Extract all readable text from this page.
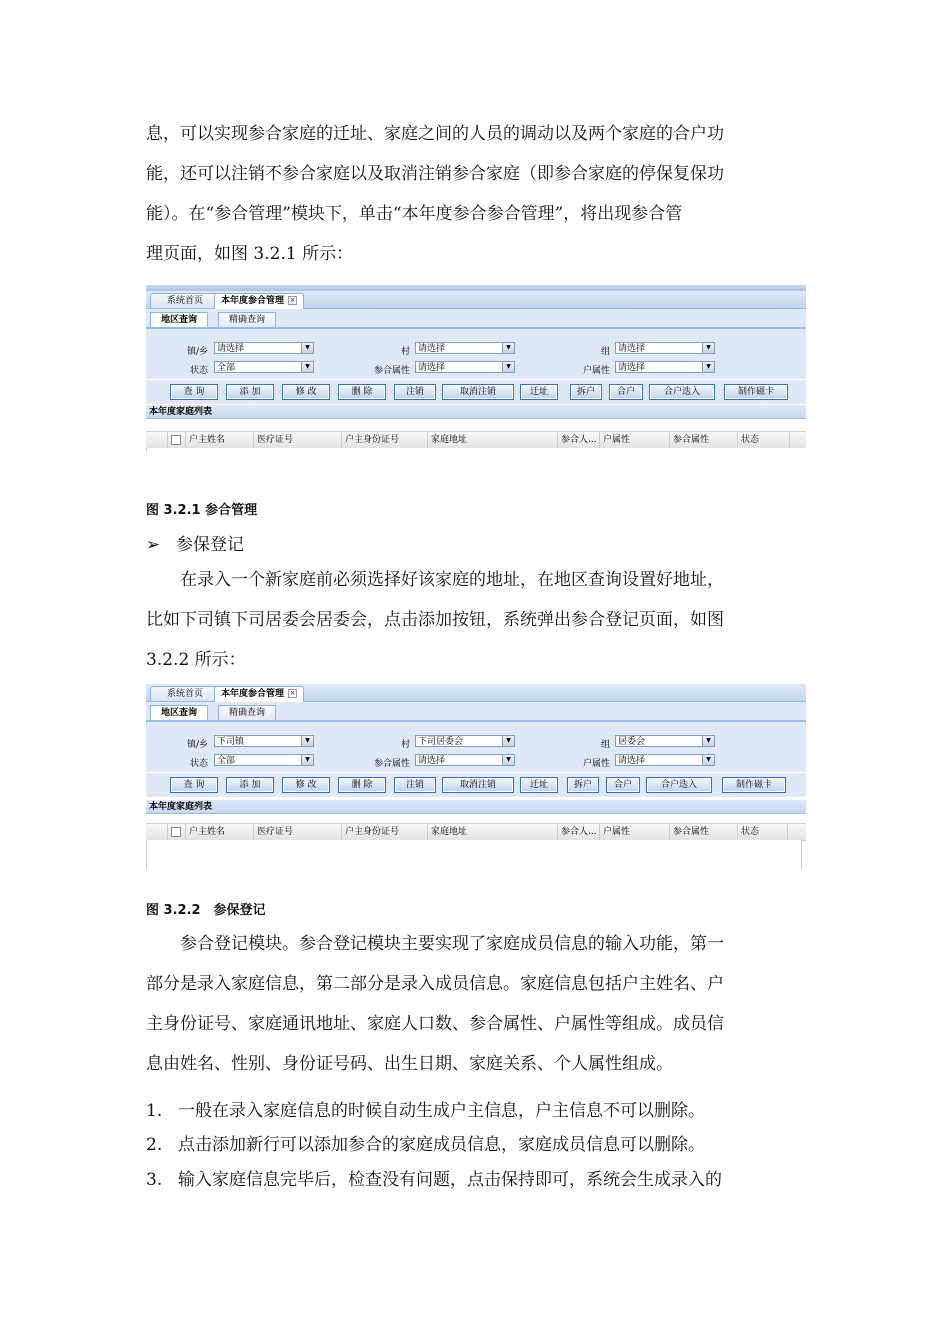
息，可以实现参合家庭的迁址、家庭之间的人员的调动以及两个家庭的合户功

能，还可以注销不参合家庭以及取消注销参合家庭（即参合家庭的停保复保功

能）。在“参合管理”模块下，单击“本年度参合参合管理”，将出现参合管

理页面，如图 3.2.1 所示：

系统首页	本年度参合管理 ×
地区查询	精确查询
镇/乡	请选择	▼	村 请选择	▼	组 请选择	▼
状态	全部	▼	参合属性 请选择	▼	户属性 请选择	▼
查 询	添 加	修 改	删 除	注销	取消注销	迁址	拆户	合户	合户迭入	制作磁卡
本年度家庭列表
户主姓名	医疗证号	户主身份证号	家庭地址	参合人... 户属性	参合属性	状态
图 3.2.1 参合管理
➢ 参保登记

在录入一个新家庭前必须选择好该家庭的地址，在地区查询设置好地址，

比如下司镇下司居委会居委会，点击添加按钮，系统弹出参合登记页面，如图

3.2.2 所示：

系统首页	本年度参合管理 ×
地区查询	精确查询
镇/乡	下司镇	▼	村 下司居委会	▼	组 居委会	▼
状态	全部	▼	参合属性 请选择	▼	户属性 请选择	▼
查 询	添 加	修 改	删 除	注销	取消注销	迁址	拆户	合户	合户迭入	制作磁卡
本年度家庭列表
户主姓名	医疗证号	户主身份证号	家庭地址	参合人... 户属性	参合属性	状态
图 3.2.2　参保登记

参合登记模块。参合登记模块主要实现了家庭成员信息的输入功能，第一

部分是录入家庭信息，第二部分是录入成员信息。家庭信息包括户主姓名、户

主身份证号、家庭通讯地址、家庭人口数、参合属性、户属性等组成。成员信

息由姓名、性别、身份证号码、出生日期、家庭关系、个人属性组成。

1. 一般在录入家庭信息的时候自动生成户主信息，户主信息不可以删除。
2. 点击添加新行可以添加参合的家庭成员信息，家庭成员信息可以删除。
3. 输入家庭信息完毕后，检查没有问题，点击保持即可，系统会生成录入的
